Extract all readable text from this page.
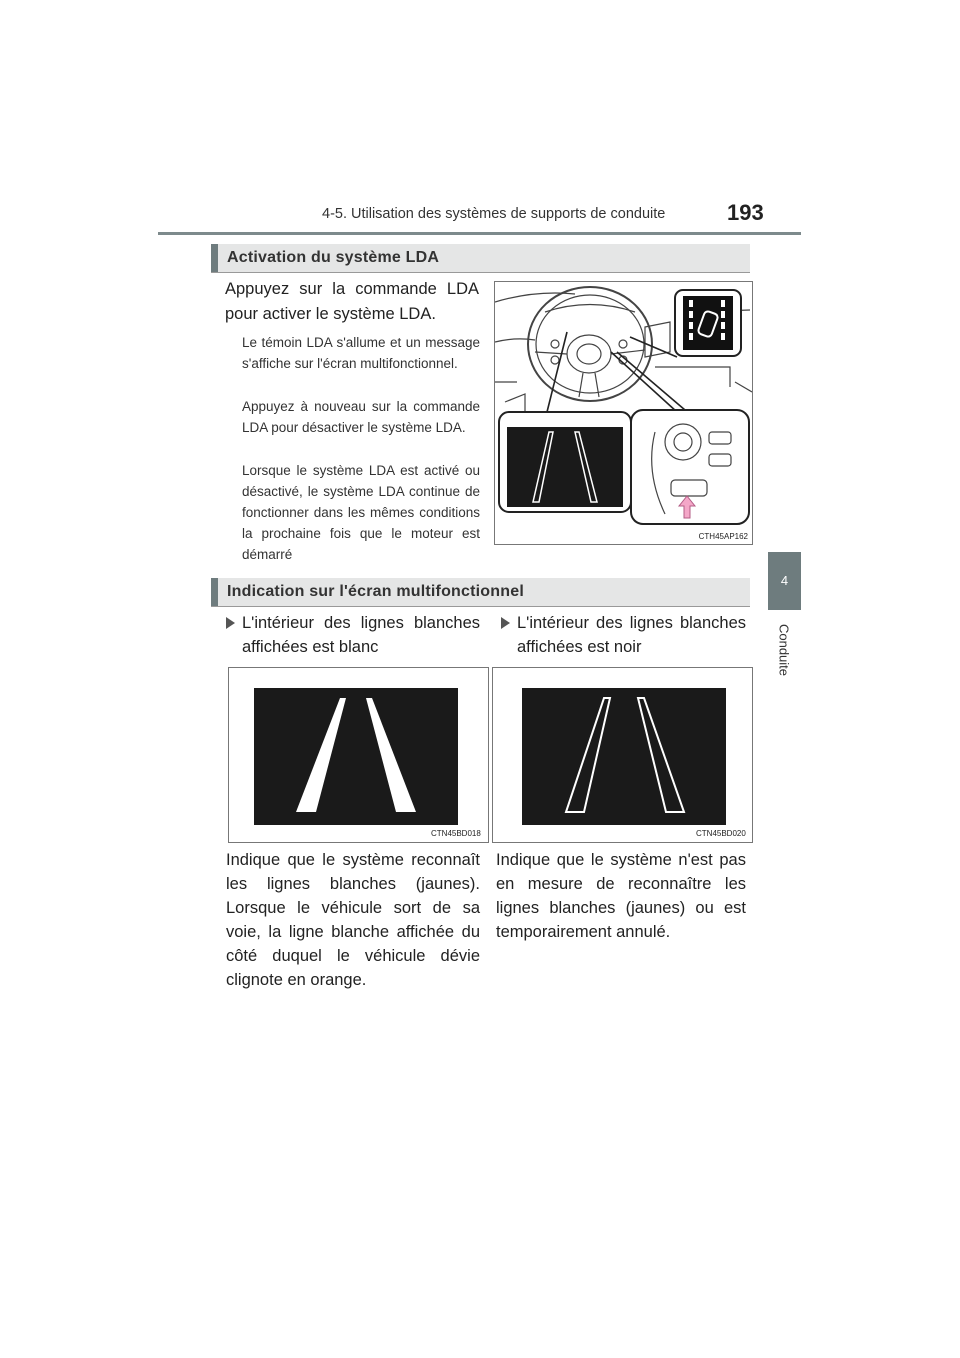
4-5. Utilisation des systèmes de supports de conduite	193
4
Conduite
Activation du système LDA
Appuyez sur la commande LDA pour activer le système LDA.
Le témoin LDA s'allume et un message s'affiche sur l'écran multifonctionnel.
Appuyez à nouveau sur la commande LDA pour désactiver le système LDA.
Lorsque le système LDA est activé ou désactivé, le système LDA continue de fonctionner dans les mêmes conditions la prochaine fois que le moteur est démarré
CTH45AP162
Indication sur l'écran multifonctionnel
L'intérieur des lignes blanches affichées est blanc
L'intérieur des lignes blanches affichées est noir
CTN45BD018	CTN45BD020
Indique que le système reconnaît les lignes blanches (jaunes). Lorsque le véhicule sort de sa voie, la ligne blanche affichée du côté duquel le véhicule dévie clignote en orange.
Indique que le système n'est pas en mesure de reconnaître les lignes blanches (jaunes) ou est temporairement annulé.
